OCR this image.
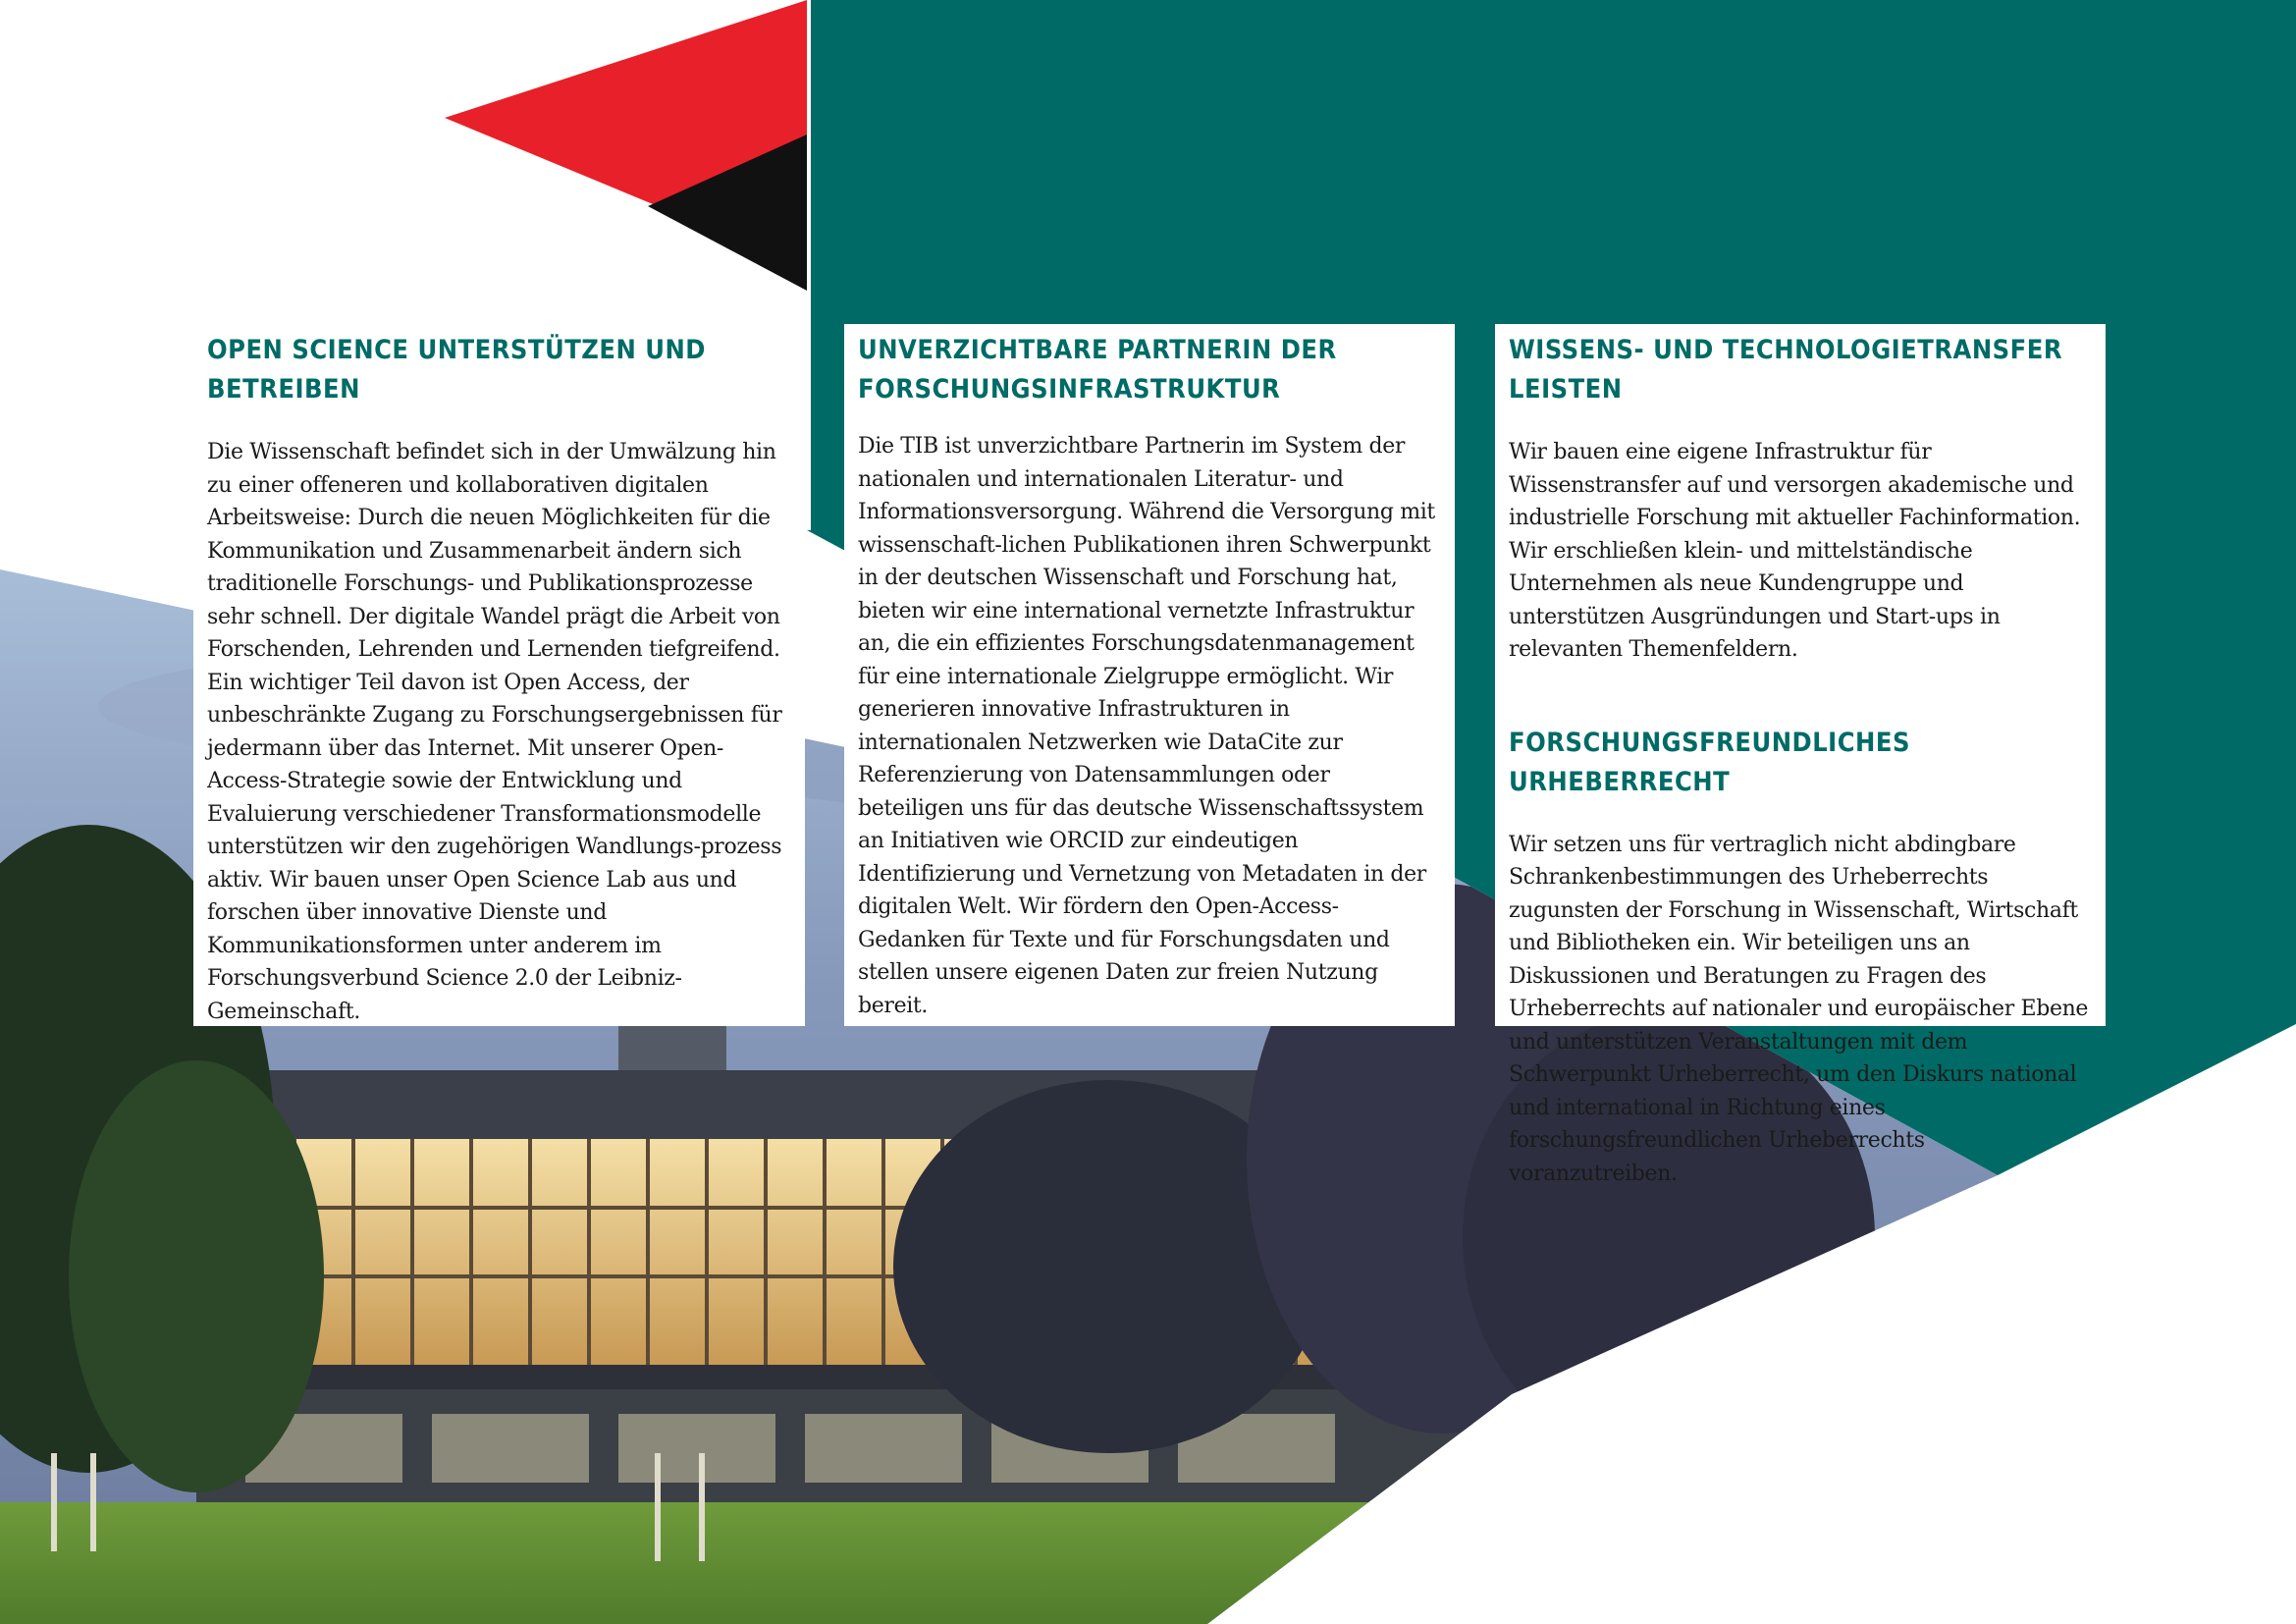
OPEN SCIENCE UNTERSTÜTZEN UND BETREIBEN

Die Wissenschaft befindet sich in der Umwälzung hin zu einer offeneren und kollaborativen digitalen Arbeitsweise: Durch die neuen Möglichkeiten für die Kommunikation und Zusammenarbeit ändern sich traditionelle Forschungs- und Publikationsprozesse sehr schnell. Der digitale Wandel prägt die Arbeit von Forschenden, Lehrenden und Lernenden tiefgreifend. Ein wichtiger Teil davon ist Open Access, der unbeschränkte Zugang zu Forschungsergebnissen für jedermann über das Internet. Mit unserer Open-Access-Strategie sowie der Entwicklung und Evaluierung verschiedener Transformationsmodelle unterstützen wir den zugehörigen Wandlungs-prozess aktiv. Wir bauen unser Open Science Lab aus und forschen über innovative Dienste und Kommunikationsformen unter anderem im Forschungsverbund Science 2.0 der Leibniz-Gemeinschaft.

UNVERZICHTBARE PARTNERIN DER FORSCHUNGSINFRASTRUKTUR

Die TIB ist unverzichtbare Partnerin im System der nationalen und internationalen Literatur- und Informationsversorgung. Während die Versorgung mit wissenschaft-lichen Publikationen ihren Schwerpunkt in der deutschen Wissenschaft und Forschung hat, bieten wir eine international vernetzte Infrastruktur an, die ein effizientes Forschungsdatenmanagement für eine internationale Zielgruppe ermöglicht. Wir generieren innovative Infrastrukturen in internationalen Netzwerken wie DataCite zur Referenzierung von Datensammlungen oder beteiligen uns für das deutsche Wissenschaftssystem an Initiativen wie ORCID zur eindeutigen Identifizierung und Vernetzung von Metadaten in der digitalen Welt. Wir fördern den Open-Access-Gedanken für Texte und für Forschungsdaten und stellen unsere eigenen Daten zur freien Nutzung bereit.

WISSENS- UND TECHNOLOGIETRANSFER LEISTEN

Wir bauen eine eigene Infrastruktur für Wissenstransfer auf und versorgen akademische und industrielle Forschung mit aktueller Fachinformation. Wir erschließen klein- und mittelständische Unternehmen als neue Kundengruppe und unterstützen Ausgründungen und Start-ups in relevanten Themenfeldern.

FORSCHUNGSFREUNDLICHES URHEBERRECHT

Wir setzen uns für vertraglich nicht abdingbare Schrankenbestimmungen des Urheberrechts zugunsten der Forschung in Wissenschaft, Wirtschaft und Bibliotheken ein. Wir beteiligen uns an Diskussionen und Beratungen zu Fragen des Urheberrechts auf nationaler und europäischer Ebene und unterstützen Veranstaltungen mit dem Schwerpunkt Urheberrecht, um den Diskurs national und international in Richtung eines forschungsfreundlichen Urheberrechts voranzutreiben.

LEITLINIE 1
TIB STRATEGIE 2018-2022 SEITE 5/12
